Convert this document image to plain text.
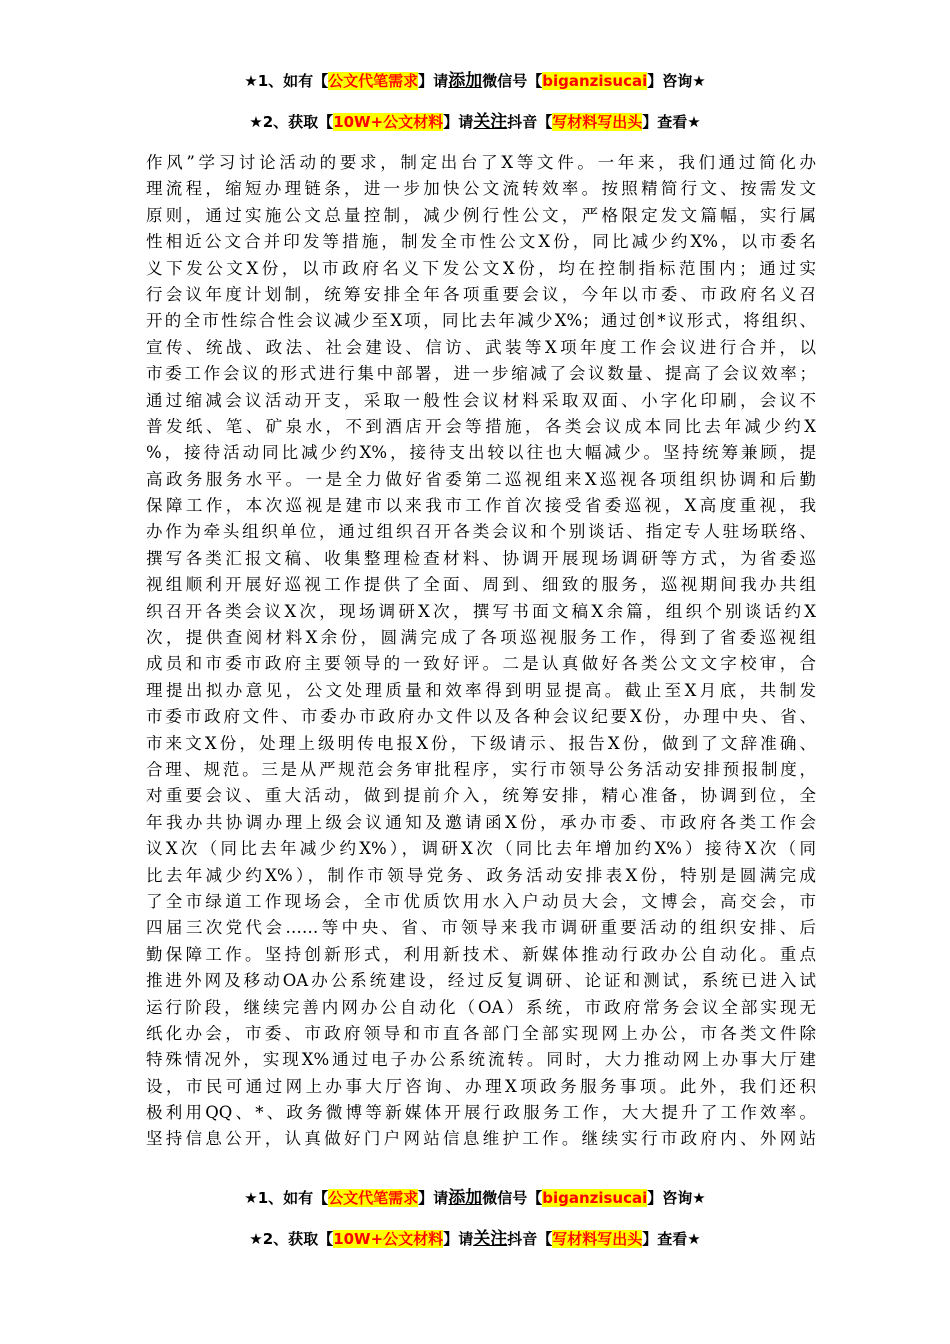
★1、如有【公文代笔需求】请添加微信号【biganzisucai】咨询★
★2、获取【10W+公文材料】请关注抖音【写材料写出头】查看★
作风”学习讨论活动的要求，制定出台了X等文件。一年来，我们通过简化办
理流程，缩短办理链条，进一步加快公文流转效率。按照精简行文、按需发文
原则，通过实施公文总量控制，减少例行性公文，严格限定发文篇幅，实行属
性相近公文合并印发等措施，制发全市性公文X份，同比减少约X%，以市委名
义下发公文X份，以市政府名义下发公文X份，均在控制指标范围内；通过实
行会议年度计划制，统筹安排全年各项重要会议，今年以市委、市政府名义召
开的全市性综合性会议减少至X项，同比去年减少X%；通过创*议形式，将组织、
宣传、统战、政法、社会建设、信访、武装等X项年度工作会议进行合并，以
市委工作会议的形式进行集中部署，进一步缩减了会议数量、提高了会议效率；
通过缩减会议活动开支，采取一般性会议材料采取双面、小字化印刷，会议不
普发纸、笔、矿泉水，不到酒店开会等措施，各类会议成本同比去年减少约X
%，接待活动同比减少约X%，接待支出较以往也大幅减少。坚持统筹兼顾，提
高政务服务水平。一是全力做好省委第二巡视组来X巡视各项组织协调和后勤
保障工作，本次巡视是建市以来我市工作首次接受省委巡视，X高度重视，我
办作为牵头组织单位，通过组织召开各类会议和个别谈话、指定专人驻场联络、
撰写各类汇报文稿、收集整理检查材料、协调开展现场调研等方式，为省委巡
视组顺利开展好巡视工作提供了全面、周到、细致的服务，巡视期间我办共组
织召开各类会议X次，现场调研X次，撰写书面文稿X余篇，组织个别谈话约X
次，提供查阅材料X余份，圆满完成了各项巡视服务工作，得到了省委巡视组
成员和市委市政府主要领导的一致好评。二是认真做好各类公文文字校审，合
理提出拟办意见，公文处理质量和效率得到明显提高。截止至X月底，共制发
市委市政府文件、市委办市政府办文件以及各种会议纪要X份，办理中央、省、
市来文X份，处理上级明传电报X份，下级请示、报告X份，做到了文辞准确、
合理、规范。三是从严规范会务审批程序，实行市领导公务活动安排预报制度，
对重要会议、重大活动，做到提前介入，统筹安排，精心准备，协调到位，全
年我办共协调办理上级会议通知及邀请函X份，承办市委、市政府各类工作会
议X次（同比去年减少约X%），调研X次（同比去年增加约X%）接待X次（同
比去年减少约X%），制作市领导党务、政务活动安排表X份，特别是圆满完成
了全市绿道工作现场会，全市优质饮用水入户动员大会，文博会，高交会，市
四届三次党代会……等中央、省、市领导来我市调研重要活动的组织安排、后
勤保障工作。坚持创新形式，利用新技术、新媒体推动行政办公自动化。重点
推进外网及移动OA办公系统建设，经过反复调研、论证和测试，系统已进入试
运行阶段，继续完善内网办公自动化（OA）系统，市政府常务会议全部实现无
纸化办会，市委、市政府领导和市直各部门全部实现网上办公，市各类文件除
特殊情况外，实现X%通过电子办公系统流转。同时，大力推动网上办事大厅建
设，市民可通过网上办事大厅咨询、办理X项政务服务事项。此外，我们还积
极利用QQ、*、政务微博等新媒体开展行政服务工作，大大提升了工作效率。
坚持信息公开，认真做好门户网站信息维护工作。继续实行市政府内、外网站
★1、如有【公文代笔需求】请添加微信号【biganzisucai】咨询★
★2、获取【10W+公文材料】请关注抖音【写材料写出头】查看★
